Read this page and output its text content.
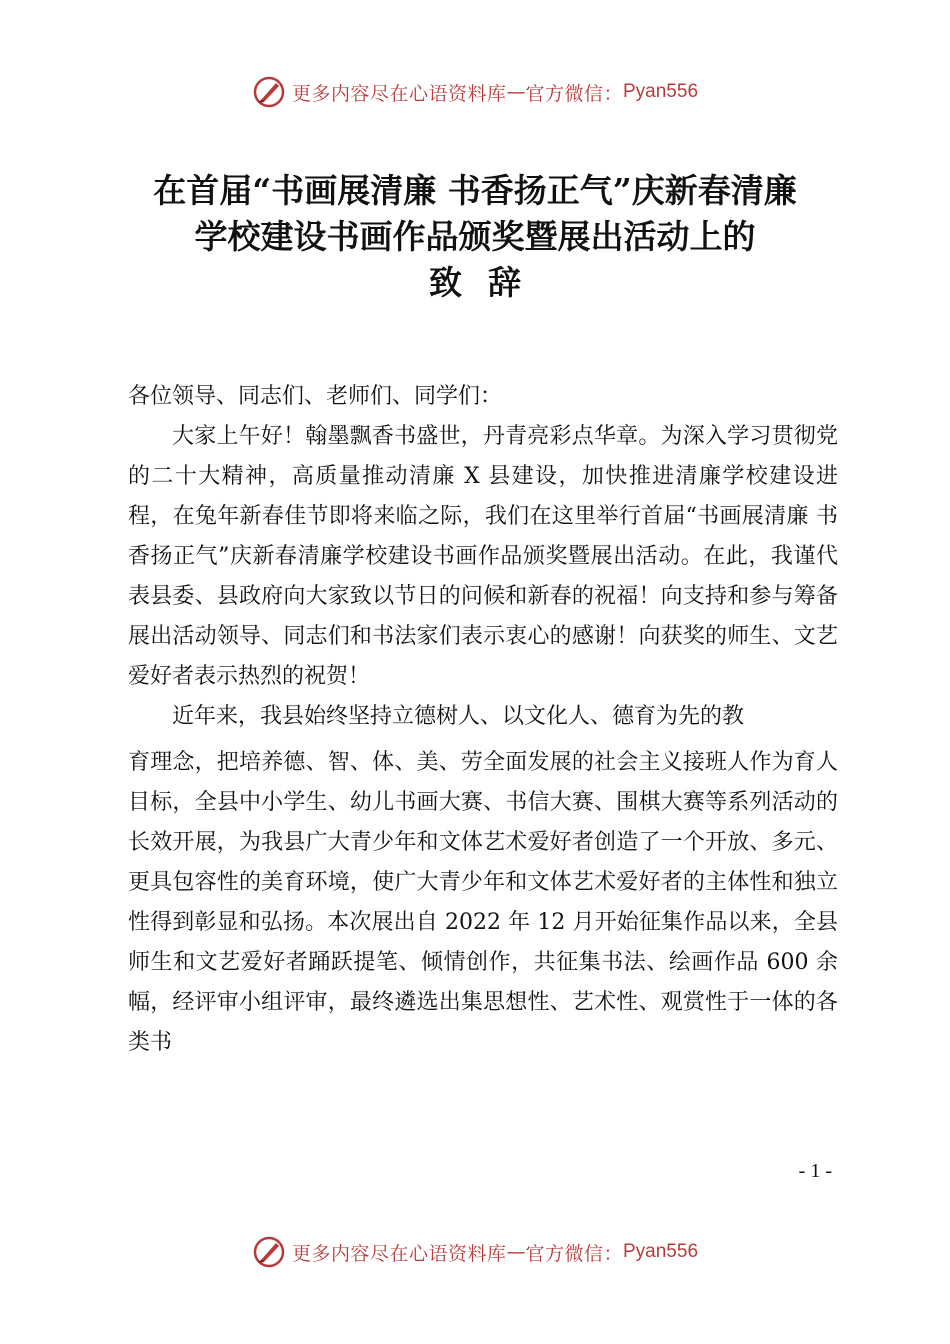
更多内容尽在心语资料库 — 官方微信： Pyan556
在首届“书画展清廉 书香扬正气”庆新春清廉
学校建设书画作品颁奖暨展出活动上的
致辞

各位领导、同志们、老师们、同学们：

大家上午好！翰墨飘香书盛世，丹青亮彩点华章。为深入学习贯彻党的二十大精神，高质量推动清廉 X 县建设，加快推进清廉学校建设进程，在兔年新春佳节即将来临之际，我们在这里举行首届“书画展清廉 书香扬正气”庆新春清廉学校建设书画作品颁奖暨展出活动。在此，我谨代表县委、县政府向大家致以节日的问候和新春的祝福！向支持和参与筹备展出活动领导、同志们和书法家们表示衷心的感谢！向获奖的师生、文艺爱好者表示热烈的祝贺！

近年来，我县始终坚持立德树人、以文化人、德育为先的教
育理念，把培养德、智、体、美、劳全面发展的社会主义接班人作为育人目标，全县中小学生、幼儿书画大赛、书信大赛、围棋大赛等系列活动的长效开展，为我县广大青少年和文体艺术爱好者创造了一个开放、多元、更具包容性的美育环境，使广大青少年和文体艺术爱好者的主体性和独立性得到彰显和弘扬。本次展出自 2022 年 12 月开始征集作品以来，全县师生和文艺爱好者踊跃提笔、倾情创作，共征集书法、绘画作品 600 余幅，经评审小组评审，最终遴选出集思想性、艺术性、观赏性于一体的各类书

- 1 -
更多内容尽在心语资料库 — 官方微信： Pyan556
